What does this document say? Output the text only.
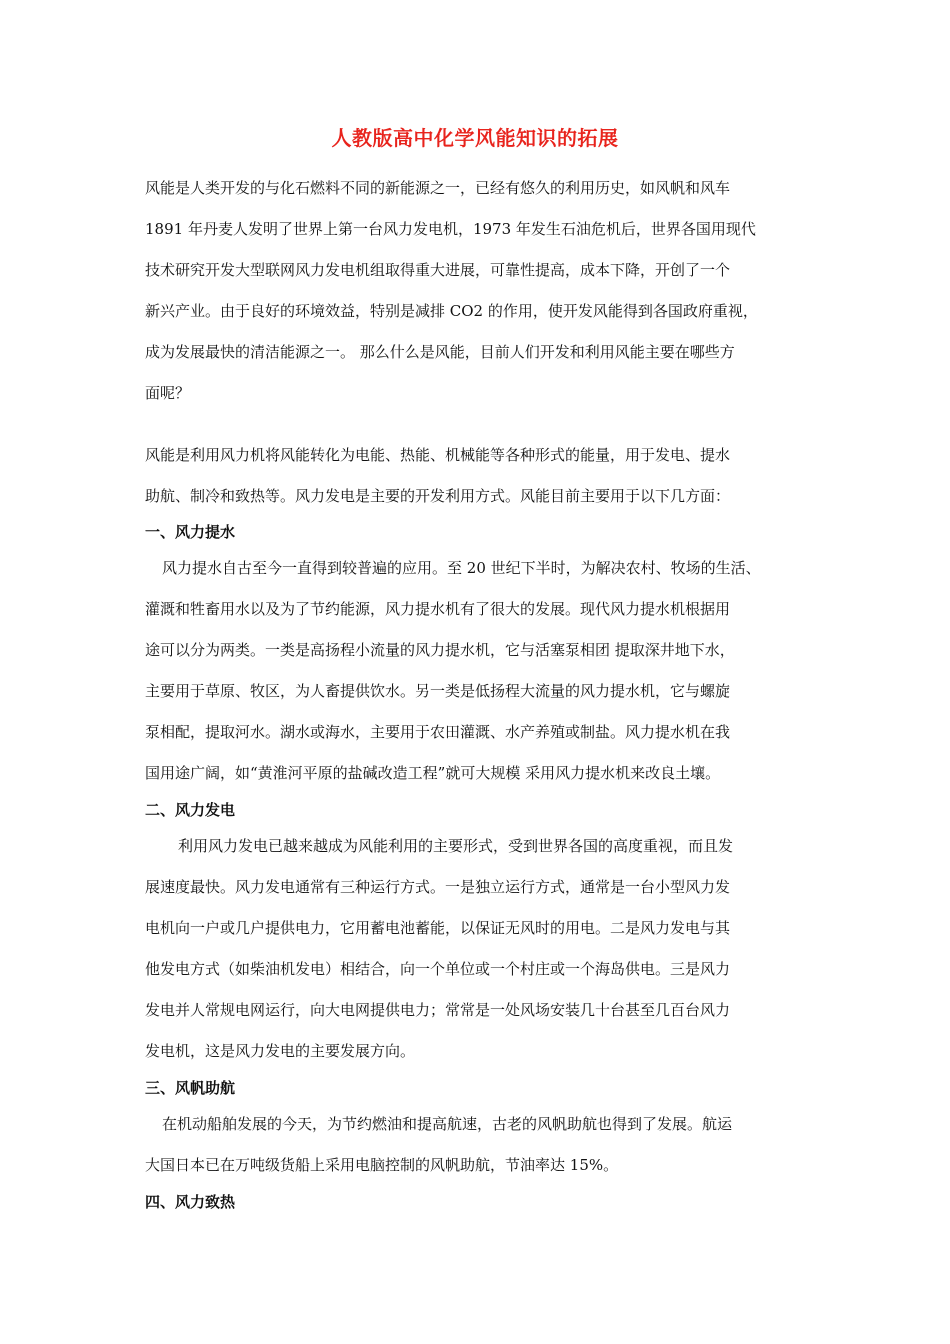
人教版高中化学风能知识的拓展
风能是人类开发的与化石燃料不同的新能源之一，已经有悠久的利用历史，如风帆和风车
1891 年丹麦人发明了世界上第一台风力发电机，1973 年发生石油危机后，世界各国用现代
技术研究开发大型联网风力发电机组取得重大进展，可靠性提高，成本下降，开创了一个
新兴产业。由于良好的环境效益，特别是减排 CO2 的作用，使开发风能得到各国政府重视，
成为发展最快的清洁能源之一。 那么什么是风能，目前人们开发和利用风能主要在哪些方
面呢？
风能是利用风力机将风能转化为电能、热能、机械能等各种形式的能量，用于发电、提水
助航、制冷和致热等。风力发电是主要的开发利用方式。风能目前主要用于以下几方面：
一、风力提水
风力提水自古至今一直得到较普遍的应用。至 20 世纪下半时，为解决农村、牧场的生活、
灌溉和牲畜用水以及为了节约能源，风力提水机有了很大的发展。现代风力提水机根据用
途可以分为两类。一类是高扬程小流量的风力提水机，它与活塞泵相团 提取深井地下水，
主要用于草原、牧区，为人畜提供饮水。另一类是低扬程大流量的风力提水机，它与螺旋
泵相配，提取河水。湖水或海水，主要用于农田灌溉、水产养殖或制盐。风力提水机在我
国用途广阔，如“黄淮河平原的盐碱改造工程”就可大规模 采用风力提水机来改良土壤。
二、风力发电
利用风力发电已越来越成为风能利用的主要形式，受到世界各国的高度重视，而且发
展速度最快。风力发电通常有三种运行方式。一是独立运行方式，通常是一台小型风力发
电机向一户或几户提供电力，它用蓄电池蓄能，以保证无风时的用电。二是风力发电与其
他发电方式（如柴油机发电）相结合，向一个单位或一个村庄或一个海岛供电。三是风力
发电并人常规电网运行，向大电网提供电力；常常是一处风场安装几十台甚至几百台风力
发电机，这是风力发电的主要发展方向。
三、风帆助航
在机动船舶发展的今天，为节约燃油和提高航速，古老的风帆助航也得到了发展。航运
大国日本已在万吨级货船上采用电脑控制的风帆助航，节油率达 15%。
四、风力致热
